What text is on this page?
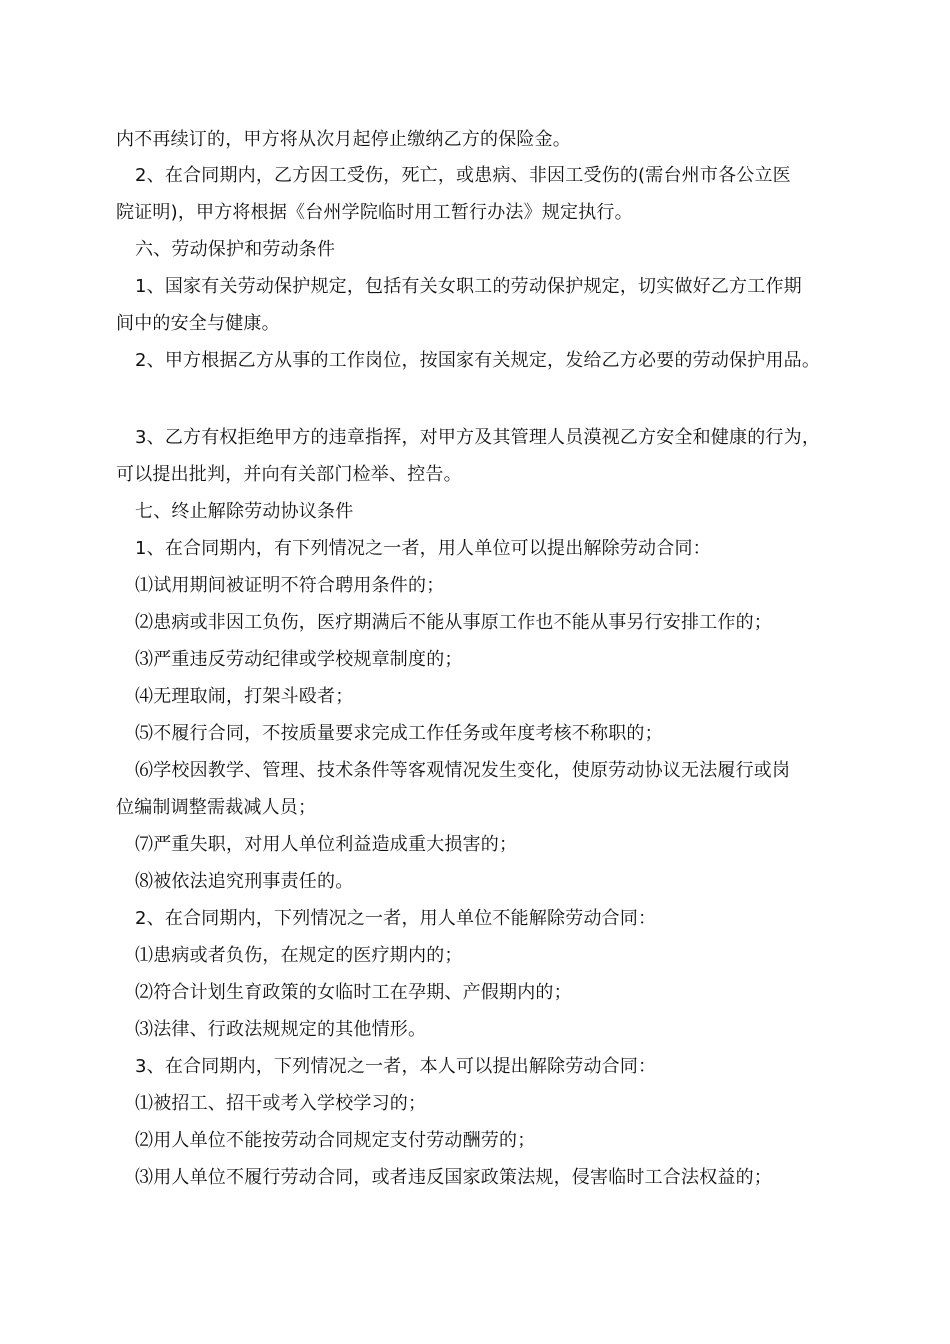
内不再续订的，甲方将从次月起停止缴纳乙方的保险金。
2、在合同期内，乙方因工受伤，死亡，或患病、非因工受伤的(需台州市各公立医
院证明)，甲方将根据《台州学院临时用工暂行办法》规定执行。
六、劳动保护和劳动条件
1、国家有关劳动保护规定，包括有关女职工的劳动保护规定，切实做好乙方工作期
间中的安全与健康。
2、甲方根据乙方从事的工作岗位，按国家有关规定，发给乙方必要的劳动保护用品。
3、乙方有权拒绝甲方的违章指挥，对甲方及其管理人员漠视乙方安全和健康的行为，
可以提出批判，并向有关部门检举、控告。
七、终止解除劳动协议条件
1、在合同期内，有下列情况之一者，用人单位可以提出解除劳动合同：
⑴试用期间被证明不符合聘用条件的；
⑵患病或非因工负伤，医疗期满后不能从事原工作也不能从事另行安排工作的；
⑶严重违反劳动纪律或学校规章制度的；
⑷无理取闹，打架斗殴者；
⑸不履行合同，不按质量要求完成工作任务或年度考核不称职的；
⑹学校因教学、管理、技术条件等客观情况发生变化，使原劳动协议无法履行或岗
位编制调整需裁减人员；
⑺严重失职，对用人单位利益造成重大损害的；
⑻被依法追究刑事责任的。
2、在合同期内，下列情况之一者，用人单位不能解除劳动合同：
⑴患病或者负伤，在规定的医疗期内的；
⑵符合计划生育政策的女临时工在孕期、产假期内的；
⑶法律、行政法规规定的其他情形。
3、在合同期内，下列情况之一者，本人可以提出解除劳动合同：
⑴被招工、招干或考入学校学习的；
⑵用人单位不能按劳动合同规定支付劳动酬劳的；
⑶用人单位不履行劳动合同，或者违反国家政策法规，侵害临时工合法权益的；
